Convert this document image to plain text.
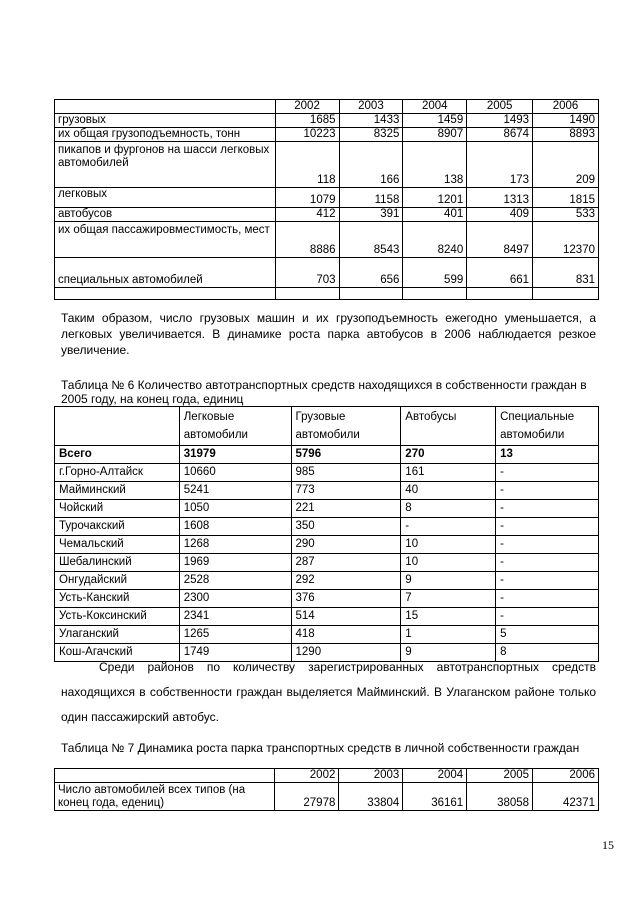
	2002	2003	2004	2005	2006
грузовых	1685	1433	1459	1493	1490
их общая грузоподъемность, тонн	10223	8325	8907	8674	8893
пикапов и фургонов на шасси легковых автомобилей	118	166	138	173	209
легковых	1079	1158	1201	1313	1815
автобусов	412	391	401	409	533
их общая пассажировместимость, мест	8886	8543	8240	8497	12370
специальных автомобилей	703	656	599	661	831

Таким образом, число грузовых машин и их грузоподъемность ежегодно уменьшается, а легковых увеличивается. В динамике роста парка автобусов в 2006 наблюдается резкое увеличение.

Таблица № 6 Количество автотранспортных средств находящихся в собственности граждан в 2005 году, на конец года, единиц
	Легковые автомобили	Грузовые автомобили	Автобусы	Специальные автомобили
Всего	31979	5796	270	13
г.Горно-Алтайск	10660	985	161	-
Майминский	5241	773	40	-
Чойский	1050	221	8	-
Турочакский	1608	350	-	-
Чемальский	1268	290	10	-
Шебалинский	1969	287	10	-
Онгудайский	2528	292	9	-
Усть-Канский	2300	376	7	-
Усть-Коксинский	2341	514	15	-
Улаганский	1265	418	1	5
Кош-Агачский	1749	1290	9	8

Среди районов по количеству зарегистрированных автотранспортных средств находящихся в собственности граждан выделяется Майминский. В Улаганском районе только один пассажирский автобус.

Таблица № 7 Динамика роста парка транспортных средств в личной собственности граждан
	2002	2003	2004	2005	2006
Число автомобилей всех типов (на конец года, едениц)	27978	33804	36161	38058	42371
15
